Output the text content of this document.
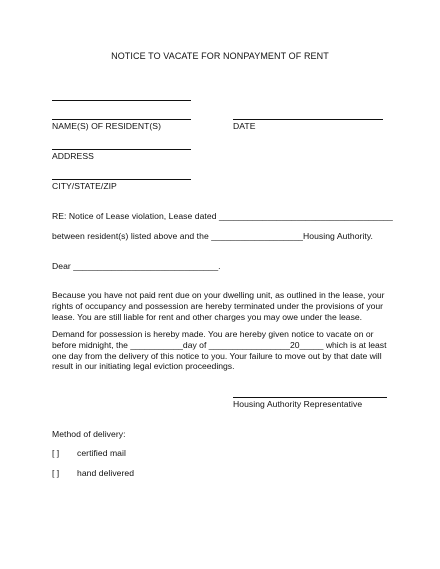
NOTICE TO VACATE FOR NONPAYMENT OF RENT
NAME(S) OF RESIDENT(S)	DATE
ADDRESS
CITY/STATE/ZIP
RE: Notice of Lease violation, Lease dated ____________________________________
between resident(s) listed above and the ___________________Housing Authority.
Dear ______________________________.
Because you have not paid rent due on your dwelling unit, as outlined in the lease, your
rights of occupancy and possession are hereby terminated under the provisions of your
lease. You are still liable for rent and other charges you may owe under the lease.
Demand for possession is hereby made. You are hereby given notice to vacate on or
before midnight, the ___________day of _________________20_____ which is at least
one day from the delivery of this notice to you. Your failure to move out by that date will
result in our initiating legal eviction proceedings.
Housing Authority Representative
Method of delivery:
[ ] certified mail
[ ] hand delivered
